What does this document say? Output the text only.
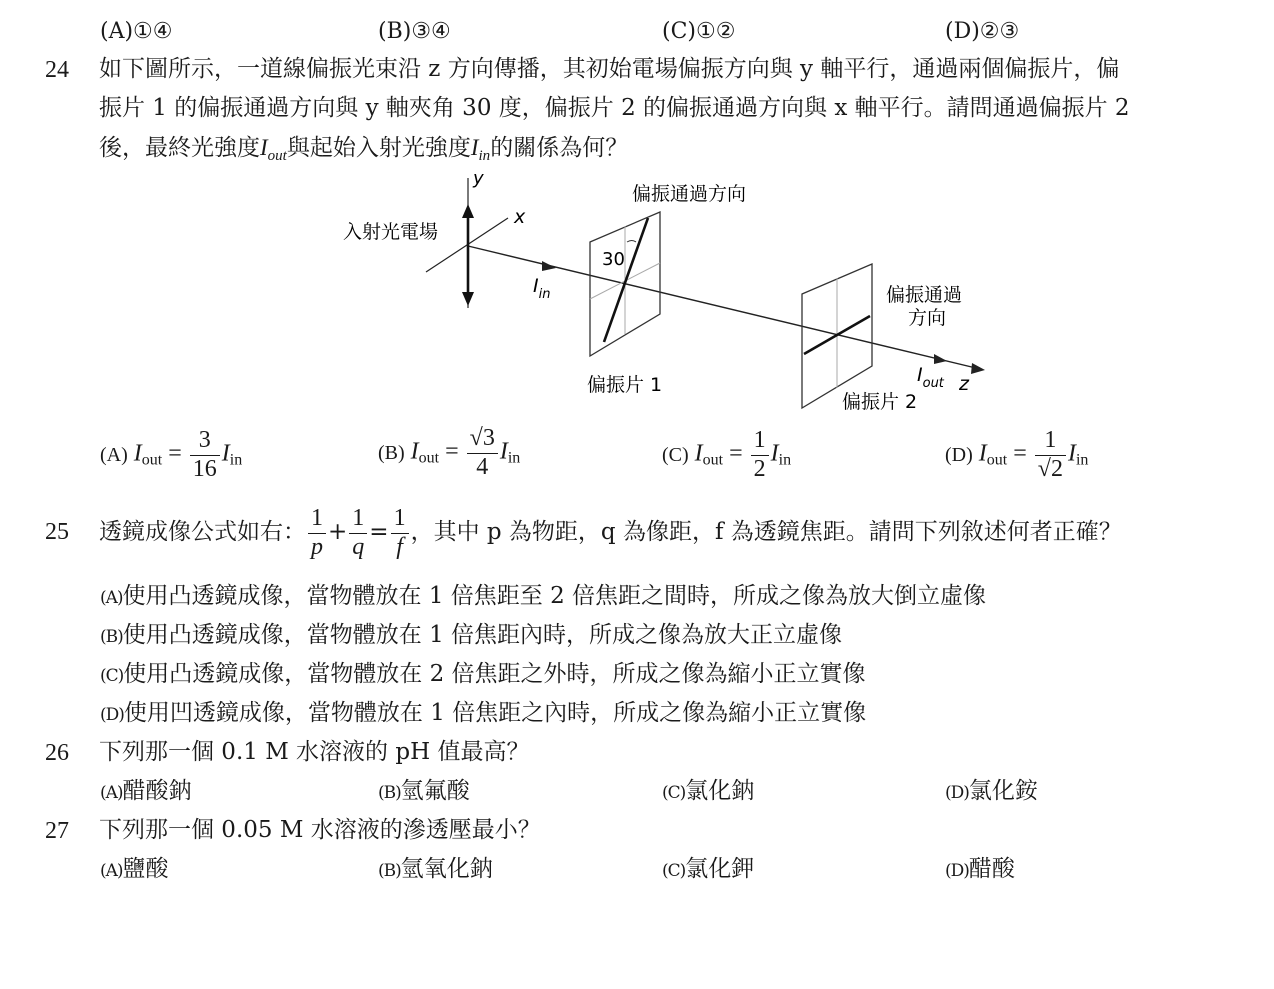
(A)①④	(B)③④	(C)①②	(D)②③
24 如下圖所示，一道線偏振光束沿 z 方向傳播，其初始電場偏振方向與 y 軸平行，通過兩個偏振片，偏
振片 1 的偏振通過方向與 y 軸夾角 30 度，偏振片 2 的偏振通過方向與 x 軸平行。請問通過偏振片 2
後，最終光強度$I_{out}$與起始入射光強度$I_{in}$的關係為何？
y
x
入射光電場
$I_{in}$
30
偏振通過方向
偏振通過
方向
偏振片 1
偏振片 2
$I_{out}$ z
(A) $I_{out} = \frac{3}{16} I_{in}$	(B) $I_{out} = \frac{√3}{4} I_{in}$	(C) $I_{out} = \frac{1}{2} I_{in}$	(D) $I_{out} = \frac{1}{√2} I_{in}$
25 透鏡成像公式如右： $\frac{1}{p} + \frac{1}{q} = \frac{1}{f}$ ，其中 p 為物距，q 為像距，f 為透鏡焦距。請問下列敘述何者正確？
(A)使用凸透鏡成像，當物體放在 1 倍焦距至 2 倍焦距之間時，所成之像為放大倒立虛像
(B)使用凸透鏡成像，當物體放在 1 倍焦距內時，所成之像為放大正立虛像
(C)使用凸透鏡成像，當物體放在 2 倍焦距之外時，所成之像為縮小正立實像
(D)使用凹透鏡成像，當物體放在 1 倍焦距之內時，所成之像為縮小正立實像
26 下列那一個 0.1 M 水溶液的 pH 值最高？
(A)醋酸鈉	(B)氫氟酸	(C)氯化鈉	(D)氯化銨
27 下列那一個 0.05 M 水溶液的滲透壓最小？
(A)鹽酸	(B)氫氧化鈉	(C)氯化鉀	(D)醋酸
